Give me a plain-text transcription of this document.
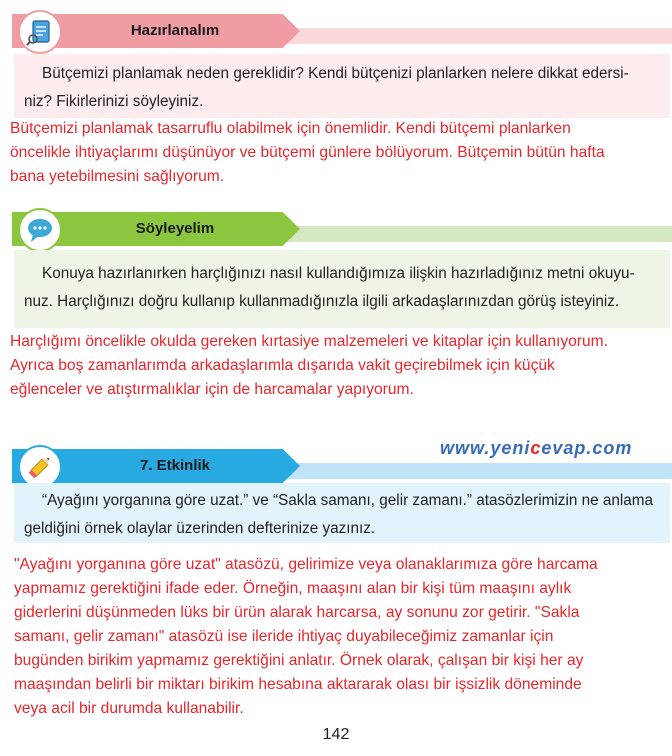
Hazırlanalım
Bütçemizi planlamak neden gereklidir? Kendi bütçenizi planlarken nelere dikkat edersi-
niz? Fikirlerinizi söyleyiniz.
Bütçemizi planlamak tasarruflu olabilmek için önemlidir. Kendi bütçemi planlarken
öncelikle ihtiyaçlarımı düşünüyor ve bütçemi günlere bölüyorum. Bütçemin bütün hafta
bana yetebilmesini sağlıyorum.
Söyleyelim
Konuya hazırlanırken harçlığınızı nasıl kullandığımıza ilişkin hazırladığınız metni okuyu-
nuz. Harçlığınızı doğru kullanıp kullanmadığınızla ilgili arkadaşlarınızdan görüş isteyiniz.
Harçlığımı öncelikle okulda gereken kırtasiye malzemeleri ve kitaplar için kullanıyorum.
Ayrıca boş zamanlarımda arkadaşlarımla dışarıda vakit geçirebilmek için küçük
eğlenceler ve atıştırmalıklar için de harcamalar yapıyorum.
www.yenicevap.com
7. Etkinlik
“Ayağını yorganına göre uzat.” ve “Sakla samanı, gelir zamanı.” atasözlerimizin ne anlama
geldiğini örnek olaylar üzerinden defterinize yazınız.
"Ayağını yorganına göre uzat" atasözü, gelirimize veya olanaklarımıza göre harcama
yapmamız gerektiğini ifade eder. Örneğin, maaşını alan bir kişi tüm maaşını aylık
giderlerini düşünmeden lüks bir ürün alarak harcarsa, ay sonunu zor getirir. "Sakla
samanı, gelir zamanı" atasözü ise ileride ihtiyaç duyabileceğimiz zamanlar için
bugünden birikim yapmamız gerektiğini anlatır. Örnek olarak, çalışan bir kişi her ay
maaşından belirli bir miktarı birikim hesabına aktararak olası bir işsizlik döneminde
veya acil bir durumda kullanabilir.
142
